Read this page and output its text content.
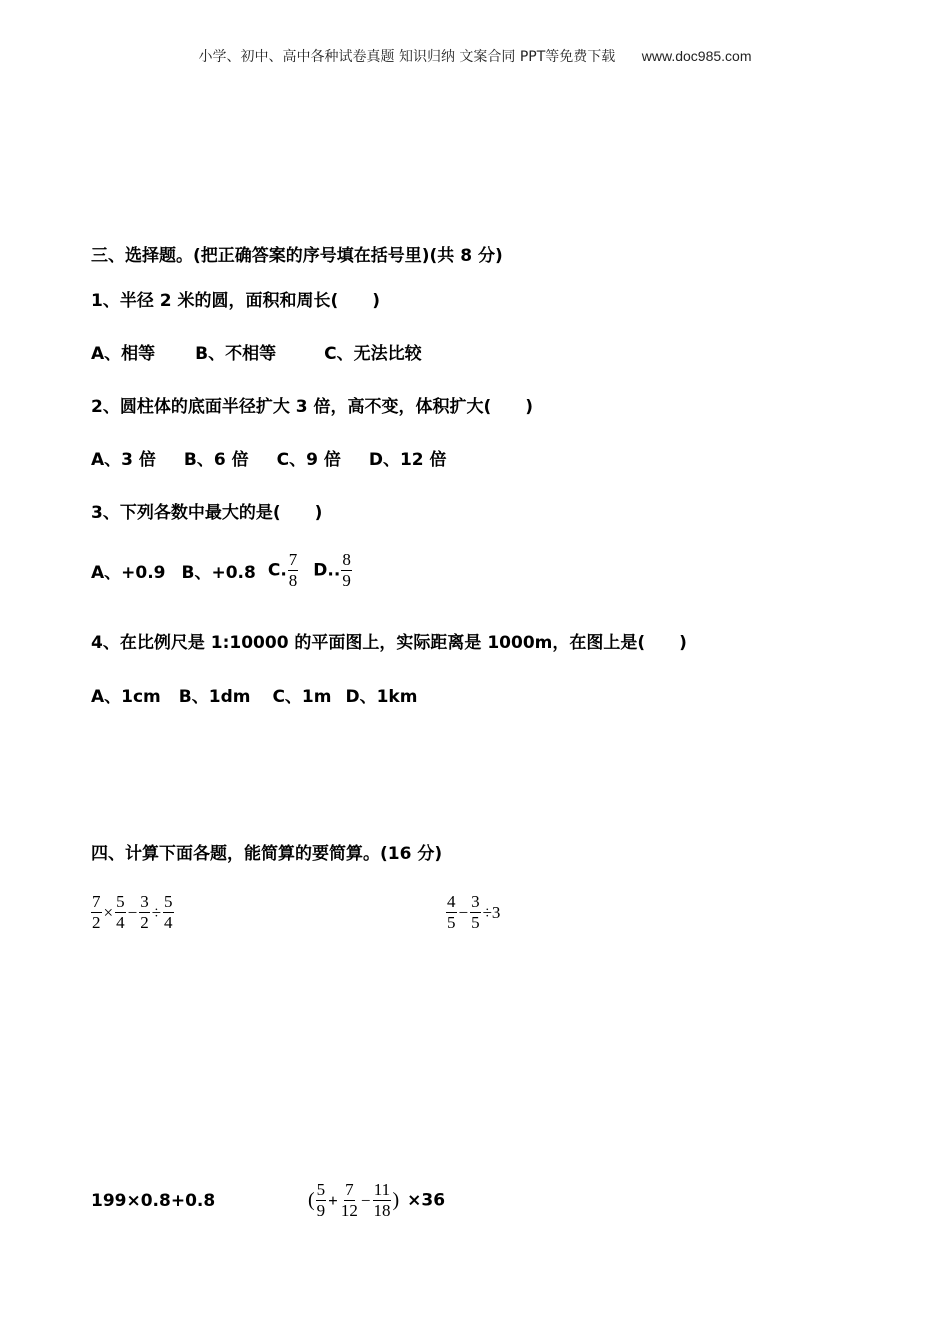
小学、初中、高中各种试卷真题 知识归纳 文案合同 PPT等免费下载 www.doc985.com
三、选择题。(把正确答案的序号填在括号里)(共 8 分)
1、半径 2 米的圆，面积和周长(　　)
A、相等 B、不相等	C、无法比较
2、圆柱体的底面半径扩大 3 倍，高不变，体积扩大(　　)
A、3 倍 B、6 倍 C、9 倍 D、12 倍
3、下列各数中最大的是(　　)
A、+0.9 B、+0.8 C. $\frac{7}{8} D$.. $\frac{8}{9}$
4、在比例尺是 1:10000 的平面图上，实际距离是 1000m，在图上是(　　)
A、1cm B、1dm C、1m D、1km
四、计算下面各题，能简算的要简算。(16 分)
$\frac{7}{2} \times \frac{5}{4} - \frac{3}{2} \div \frac{5}{4}$	$\frac{4}{5} - \frac{3}{5} \div 3$
199×0.8+0.8	( $\frac{5}{9} + \frac{7}{12} - \frac{11}{18}$ ) ×36
